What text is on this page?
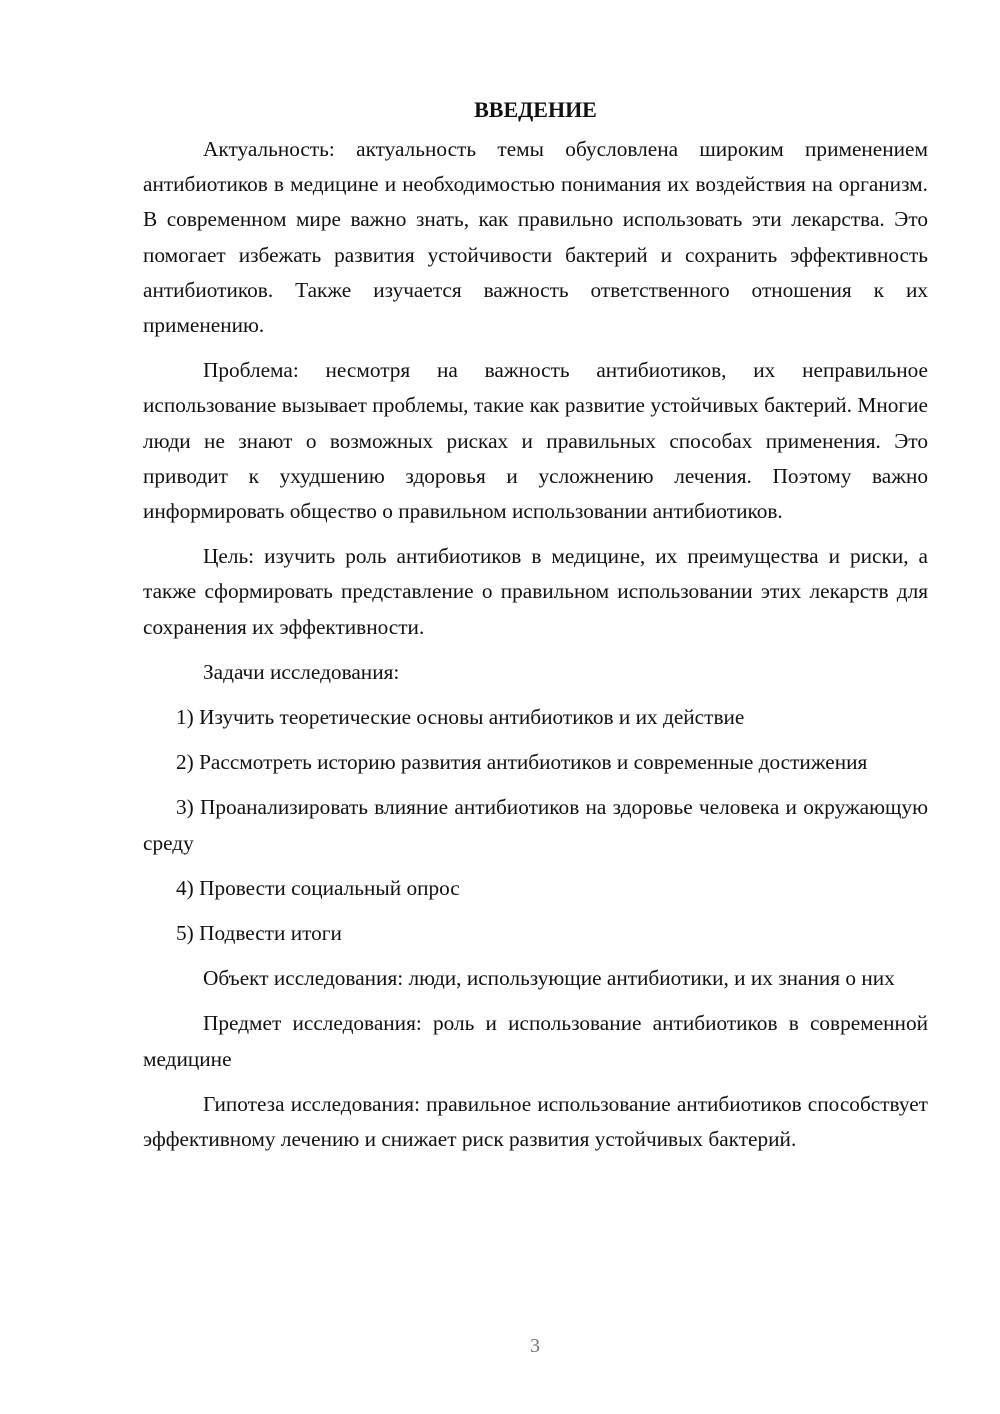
ВВЕДЕНИЕ

Актуальность: актуальность темы обусловлена широким применением антибиотиков в медицине и необходимостью понимания их воздействия на организм. В современном мире важно знать, как правильно использовать эти лекарства. Это помогает избежать развития устойчивости бактерий и сохранить эффективность антибиотиков. Также изучается важность ответственного отношения к их применению.

Проблема: несмотря на важность антибиотиков, их неправильное использование вызывает проблемы, такие как развитие устойчивых бактерий. Многие люди не знают о возможных рисках и правильных способах применения. Это приводит к ухудшению здоровья и усложнению лечения. Поэтому важно информировать общество о правильном использовании антибиотиков.

Цель: изучить роль антибиотиков в медицине, их преимущества и риски, а также сформировать представление о правильном использовании этих лекарств для сохранения их эффективности.

Задачи исследования:

1) Изучить теоретические основы антибиотиков и их действие

2) Рассмотреть историю развития антибиотиков и современные достижения

3) Проанализировать влияние антибиотиков на здоровье человека и окружающую среду

4) Провести социальный опрос

5) Подвести итоги

Объект исследования: люди, использующие антибиотики, и их знания о них

Предмет исследования: роль и использование антибиотиков в современной медицине

Гипотеза исследования: правильное использование антибиотиков способствует эффективному лечению и снижает риск развития устойчивых бактерий.

3
